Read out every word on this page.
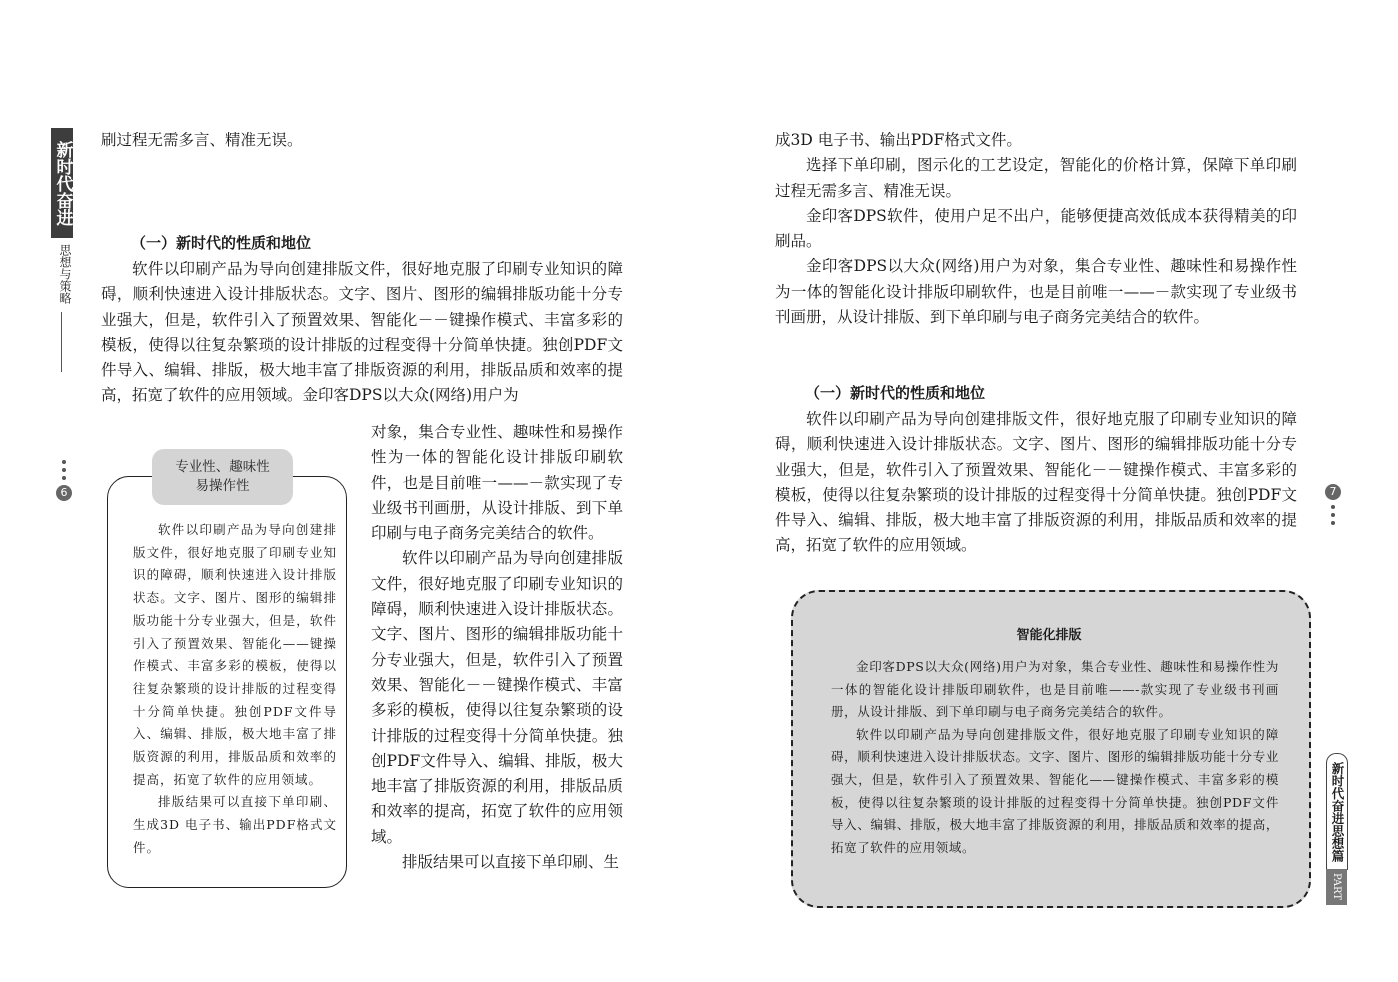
新时代奋进
思想与策略
6

刷过程无需多言、精准无误。

（一）新时代的性质和地位

软件以印刷产品为导向创建排版文件，很好地克服了印刷专业知识的障碍，顺利快速进入设计排版状态。文字、图片、图形的编辑排版功能十分专业强大，但是，软件引入了预置效果、智能化－－键操作模式、丰富多彩的模板，使得以往复杂繁琐的设计排版的过程变得十分简单快捷。独创PDF文件导入、编辑、排版，极大地丰富了排版资源的利用，排版品质和效率的提高，拓宽了软件的应用领域。金印客DPS以大众(网络)用户为

对象，集合专业性、趣味性和易操作性为一体的智能化设计排版印刷软件，也是目前唯一——－款实现了专业级书刊画册，从设计排版、到下单印刷与电子商务完美结合的软件。

软件以印刷产品为导向创建排版文件，很好地克服了印刷专业知识的障碍，顺利快速进入设计排版状态。文字、图片、图形的编辑排版功能十分专业强大，但是，软件引入了预置效果、智能化－－键操作模式、丰富多彩的模板，使得以往复杂繁琐的设计排版的过程变得十分简单快捷。独创PDF文件导入、编辑、排版，极大地丰富了排版资源的利用，排版品质和效率的提高，拓宽了软件的应用领域。

排版结果可以直接下单印刷、生

专业性、趣味性
易操作性

软件以印刷产品为导向创建排版文件，很好地克服了印刷专业知识的障碍，顺利快速进入设计排版状态。文字、图片、图形的编辑排版功能十分专业强大，但是，软件引入了预置效果、智能化——键操作模式、丰富多彩的模板，使得以往复杂繁琐的设计排版的过程变得十分简单快捷。独创PDF文件导入、编辑、排版，极大地丰富了排版资源的利用，排版品质和效率的提高，拓宽了软件的应用领域。

排版结果可以直接下单印刷、生成3D 电子书、输出PDF格式文件。

成3D 电子书、输出PDF格式文件。

选择下单印刷，图示化的工艺设定，智能化的价格计算，保障下单印刷过程无需多言、精准无误。

金印客DPS软件，使用户足不出户，能够便捷高效低成本获得精美的印刷品。

金印客DPS以大众(网络)用户为对象，集合专业性、趣味性和易操作性为一体的智能化设计排版印刷软件，也是目前唯一——－款实现了专业级书刊画册，从设计排版、到下单印刷与电子商务完美结合的软件。

（一）新时代的性质和地位

软件以印刷产品为导向创建排版文件，很好地克服了印刷专业知识的障碍，顺利快速进入设计排版状态。文字、图片、图形的编辑排版功能十分专业强大，但是，软件引入了预置效果、智能化－－键操作模式、丰富多彩的模板，使得以往复杂繁琐的设计排版的过程变得十分简单快捷。独创PDF文件导入、编辑、排版，极大地丰富了排版资源的利用，排版品质和效率的提高，拓宽了软件的应用领域。

7
智能化排版

金印客DPS以大众(网络)用户为对象，集合专业性、趣味性和易操作性为一体的智能化设计排版印刷软件，也是目前唯——-款实现了专业级书刊画册，从设计排版、到下单印刷与电子商务完美结合的软件。

软件以印刷产品为导向创建排版文件，很好地克服了印刷专业知识的障碍，顺利快速进入设计排版状态。文字、图片、图形的编辑排版功能十分专业强大，但是，软件引入了预置效果、智能化——键操作模式、丰富多彩的模板，使得以往复杂繁琐的设计排版的过程变得十分简单快捷。独创PDF文件导入、编辑、排版，极大地丰富了排版资源的利用，排版品质和效率的提高，拓宽了软件的应用领域。	新时代奋进思想篇
PART
